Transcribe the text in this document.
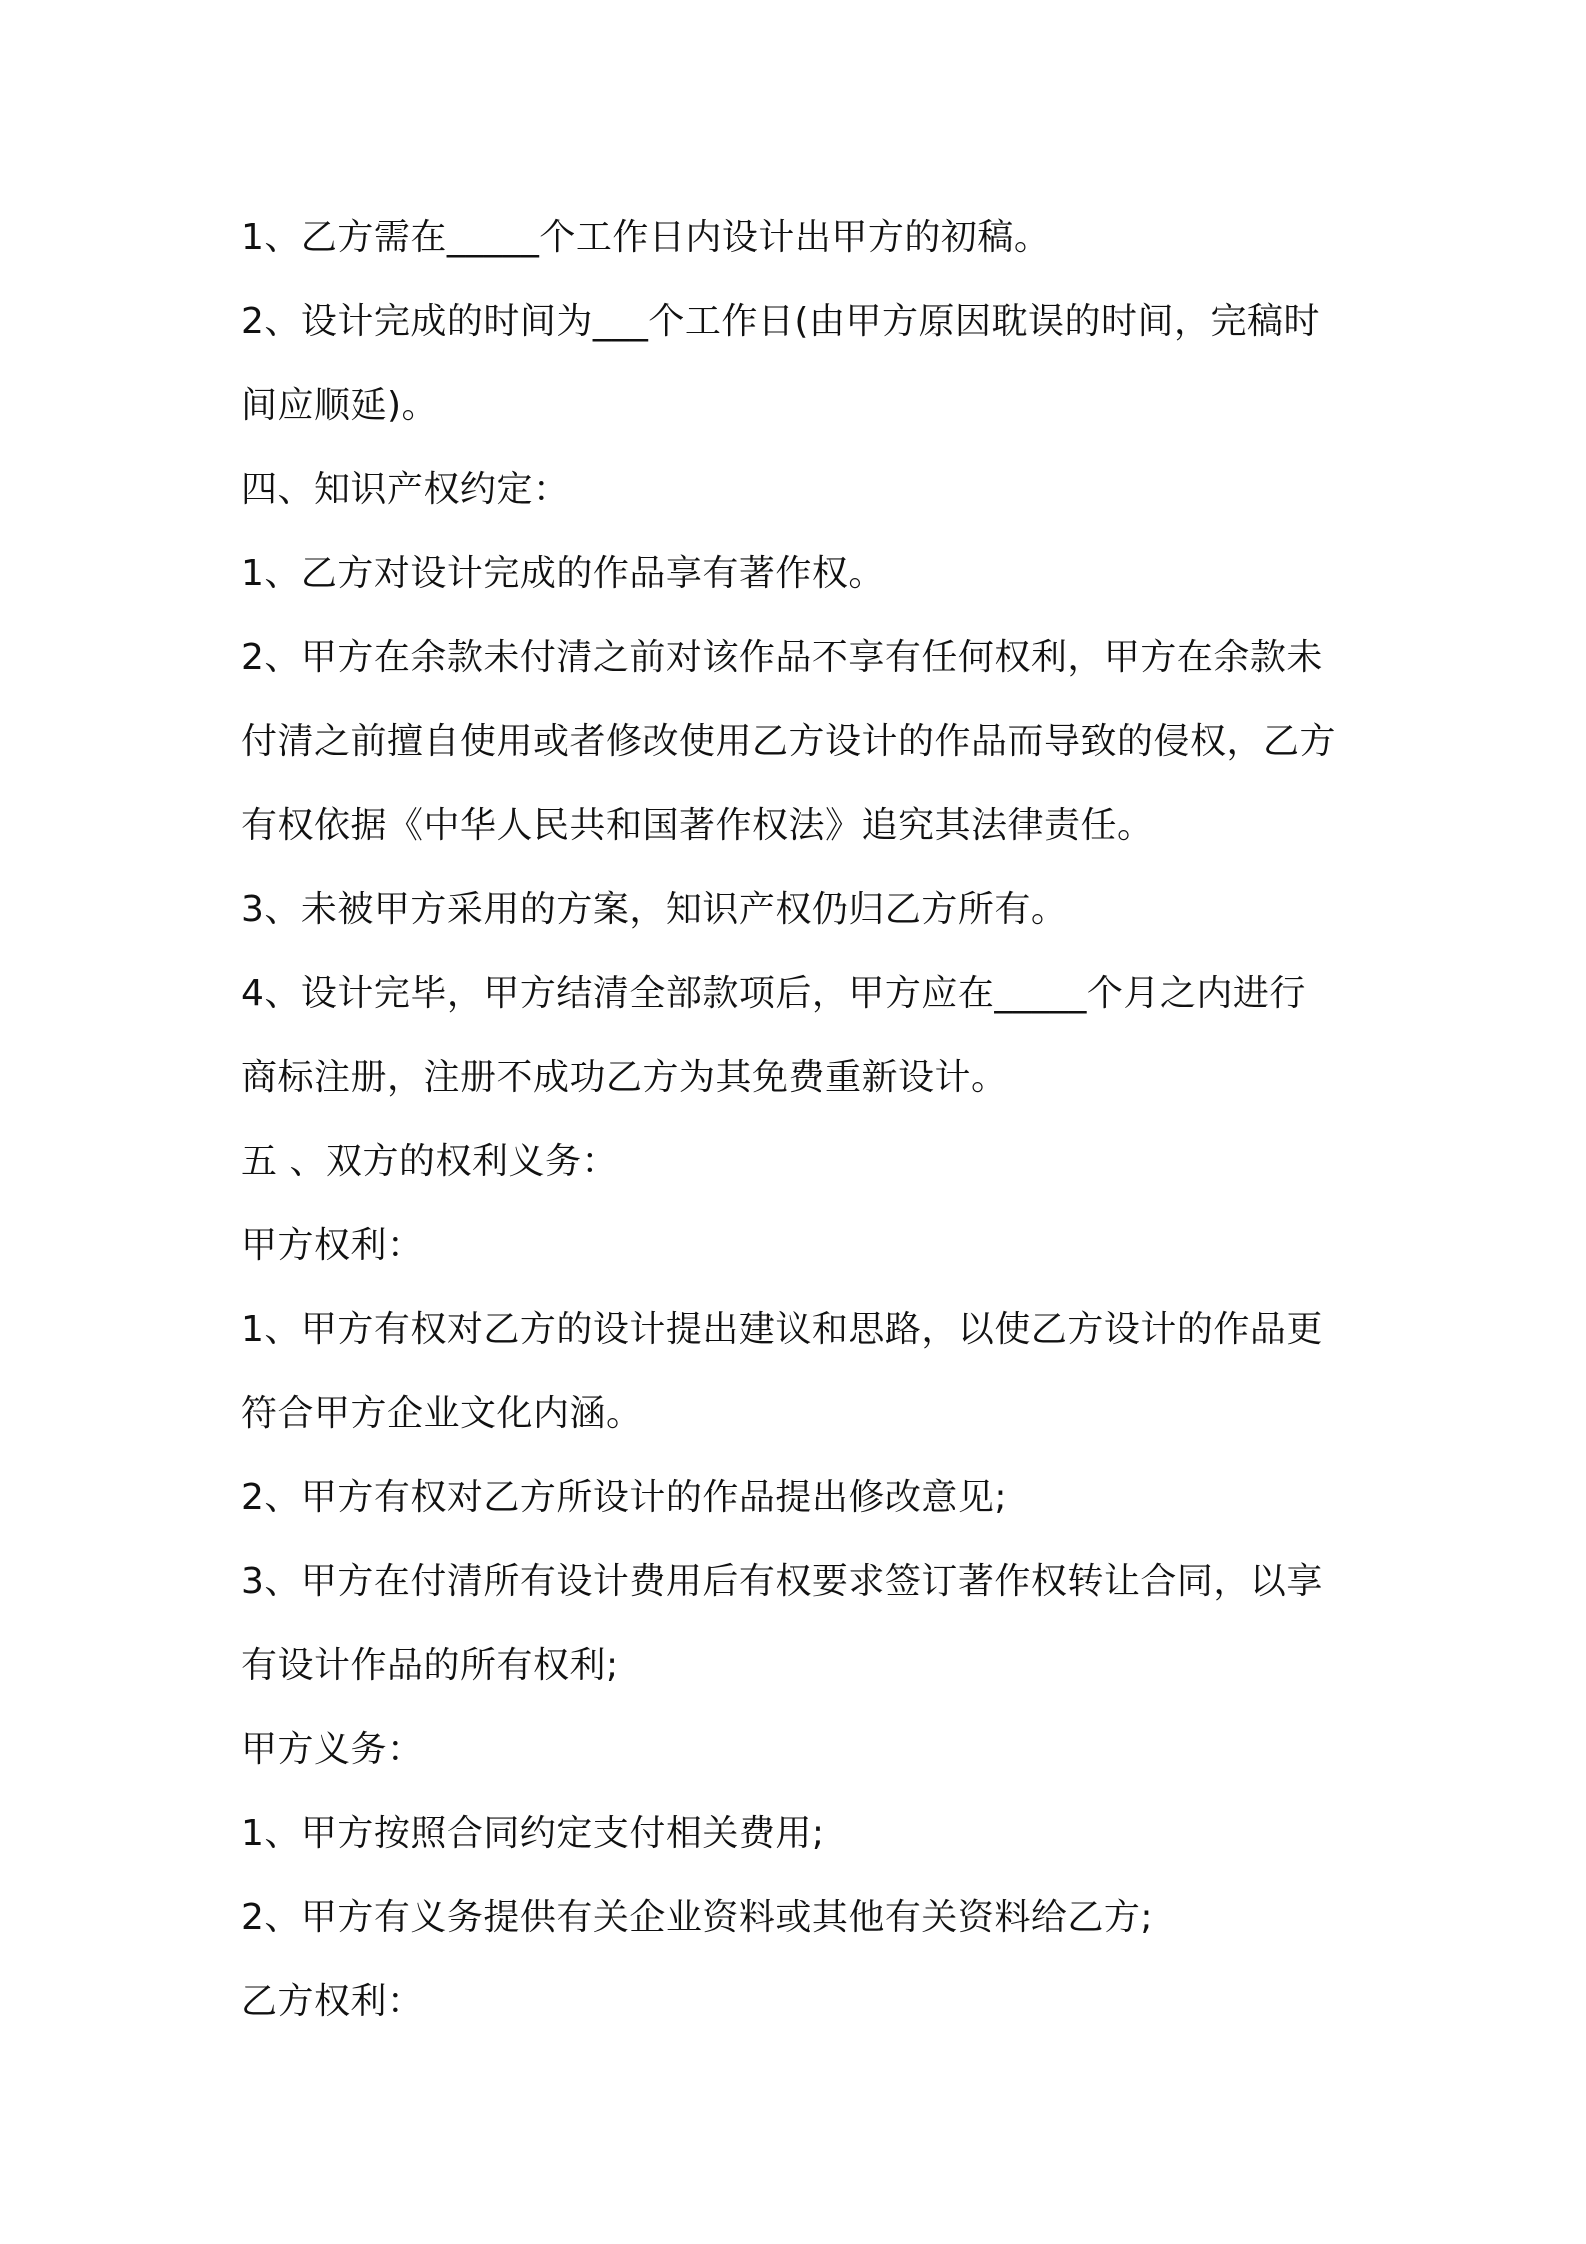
1、乙方需在_____个工作日内设计出甲方的初稿。
2、设计完成的时间为___个工作日(由甲方原因耽误的时间，完稿时
间应顺延)。
四、知识产权约定：
1、乙方对设计完成的作品享有著作权。
2、甲方在余款未付清之前对该作品不享有任何权利，甲方在余款未
付清之前擅自使用或者修改使用乙方设计的作品而导致的侵权，乙方
有权依据《中华人民共和国著作权法》追究其法律责任。
3、未被甲方采用的方案，知识产权仍归乙方所有。
4、设计完毕，甲方结清全部款项后，甲方应在_____个月之内进行
商标注册，注册不成功乙方为其免费重新设计。
五 、双方的权利义务：
甲方权利：
1、甲方有权对乙方的设计提出建议和思路，以使乙方设计的作品更
符合甲方企业文化内涵。
2、甲方有权对乙方所设计的作品提出修改意见;
3、甲方在付清所有设计费用后有权要求签订著作权转让合同，以享
有设计作品的所有权利;
甲方义务：
1、甲方按照合同约定支付相关费用;
2、甲方有义务提供有关企业资料或其他有关资料给乙方;
乙方权利：
